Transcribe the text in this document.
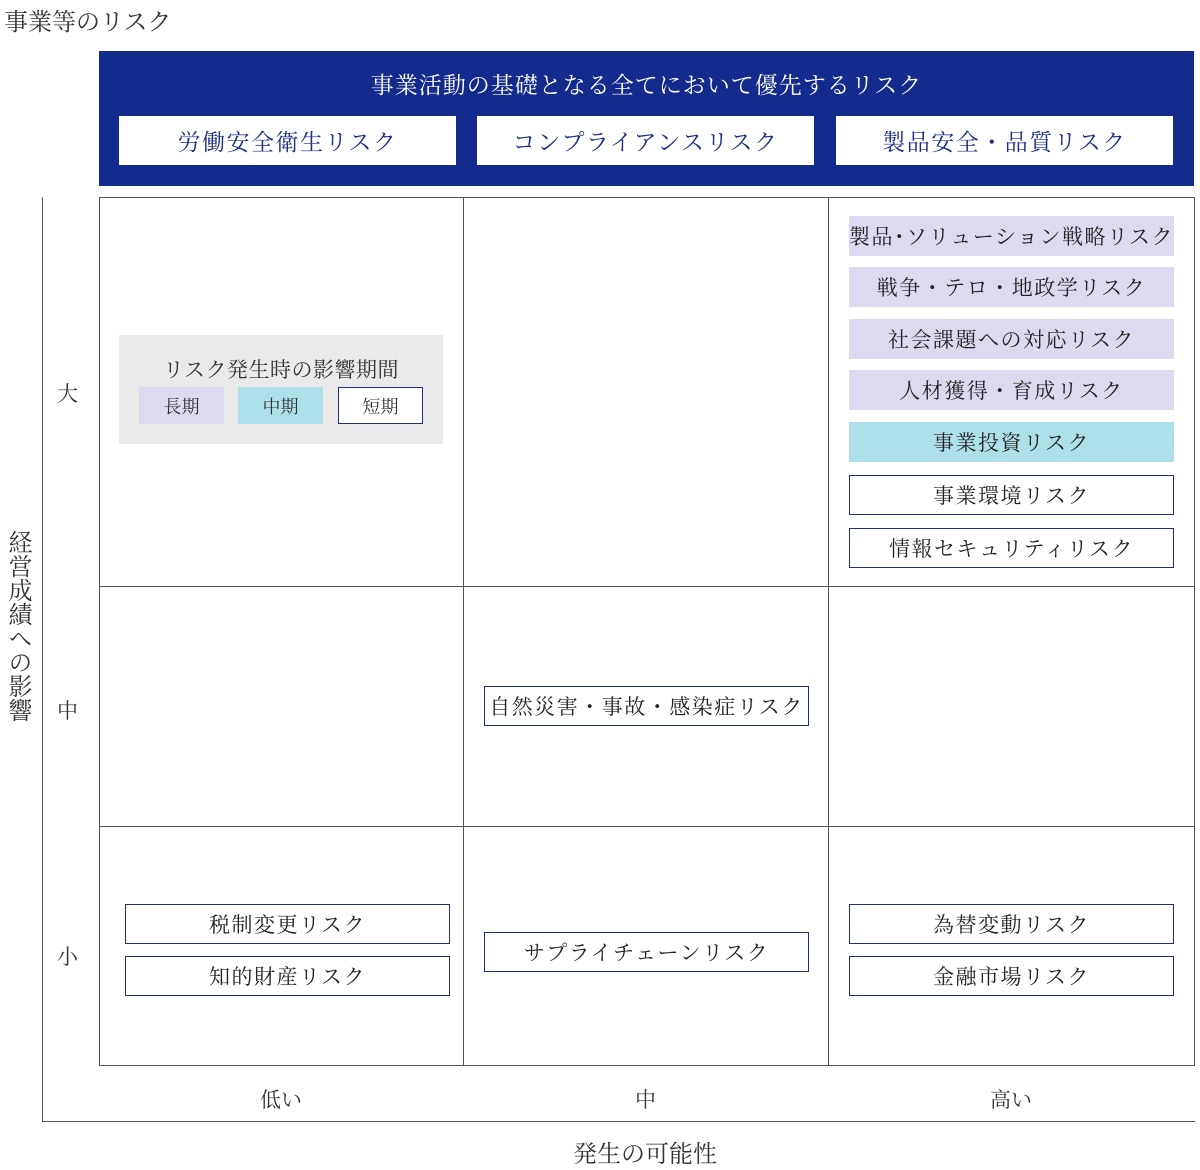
事業等のリスク
事業活動の基礎となる全てにおいて優先するリスク
労働安全衛生リスク	コンプライアンスリスク	製品安全・品質リスク
経営成績への影響
大
中
小
低い	中	高い
発生の可能性
リスク発生時の影響期間
長期	中期	短期
製品･ソリューション戦略リスク
戦争・テロ・地政学リスク
社会課題への対応リスク
人材獲得・育成リスク
事業投資リスク
事業環境リスク
情報セキュリティリスク
自然災害・事故・感染症リスク
税制変更リスク
知的財産リスク
サプライチェーンリスク
為替変動リスク
金融市場リスク
